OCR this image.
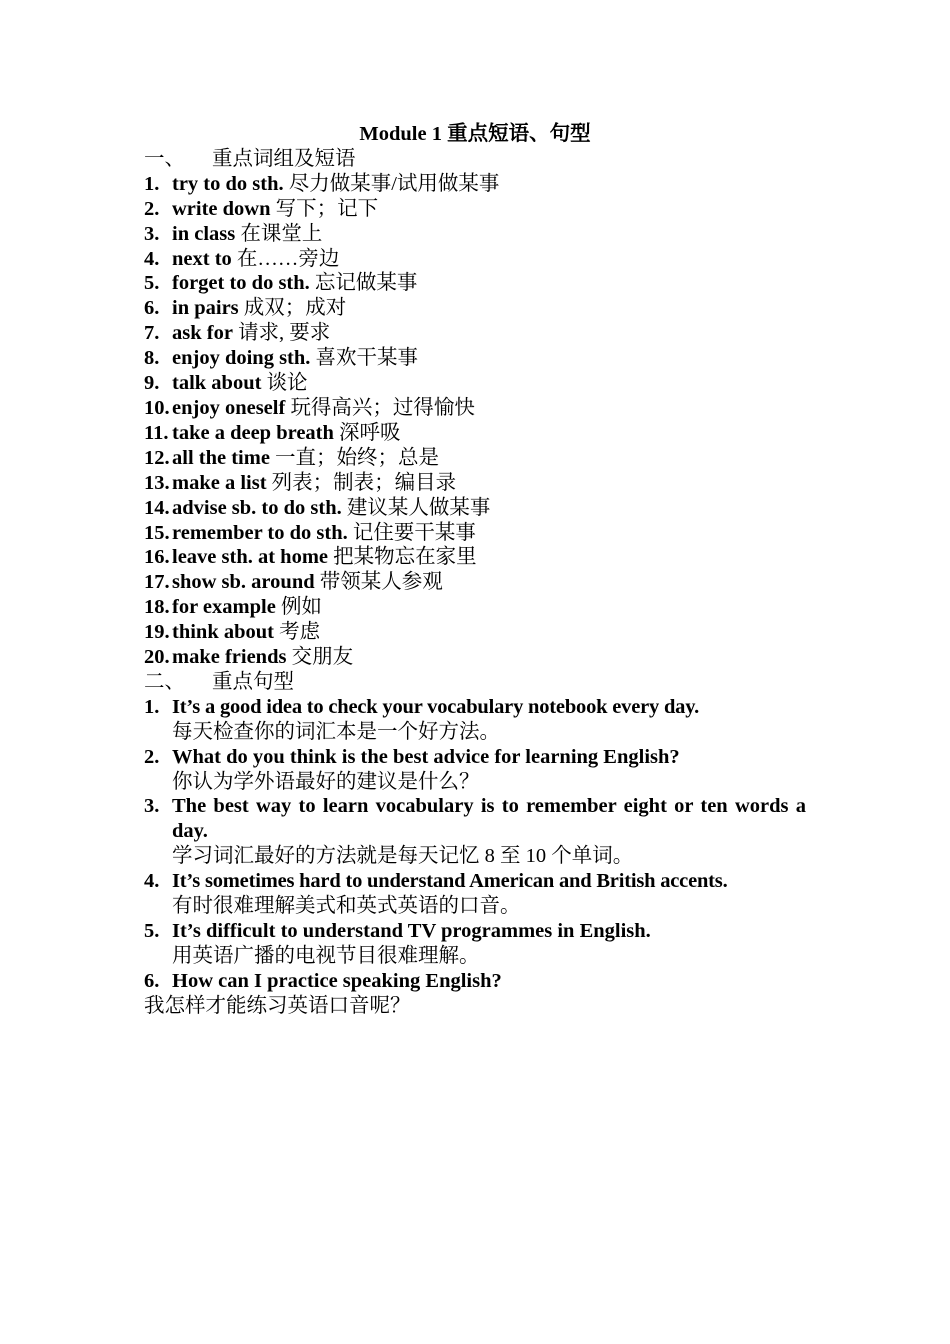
Module 1 重点短语、句型
一、 重点词组及短语
1. try to do sth. 尽力做某事/试用做某事
2. write down 写下；记下
3. in class 在课堂上
4. next to 在……旁边
5. forget to do sth. 忘记做某事
6. in pairs 成双；成对
7. ask for 请求, 要求
8. enjoy doing sth. 喜欢干某事
9. talk about 谈论
10. enjoy oneself 玩得高兴；过得愉快
11. take a deep breath 深呼吸
12. all the time 一直；始终；总是
13. make a list 列表；制表；编目录
14. advise sb. to do sth. 建议某人做某事
15. remember to do sth. 记住要干某事
16. leave sth. at home 把某物忘在家里
17. show sb. around 带领某人参观
18. for example 例如
19. think about 考虑
20. make friends 交朋友
二、 重点句型
1. It’s a good idea to check your vocabulary notebook every day.
每天检查你的词汇本是一个好方法。
2. What do you think is the best advice for learning English?
你认为学外语最好的建议是什么？
3. The best way to learn vocabulary is to remember eight or ten words a day.
学习词汇最好的方法就是每天记忆 8 至 10 个单词。
4. It’s sometimes hard to understand American and British accents.
有时很难理解美式和英式英语的口音。
5. It’s difficult to understand TV programmes in English.
用英语广播的电视节目很难理解。
6. How can I practice speaking English?
我怎样才能练习英语口音呢？
